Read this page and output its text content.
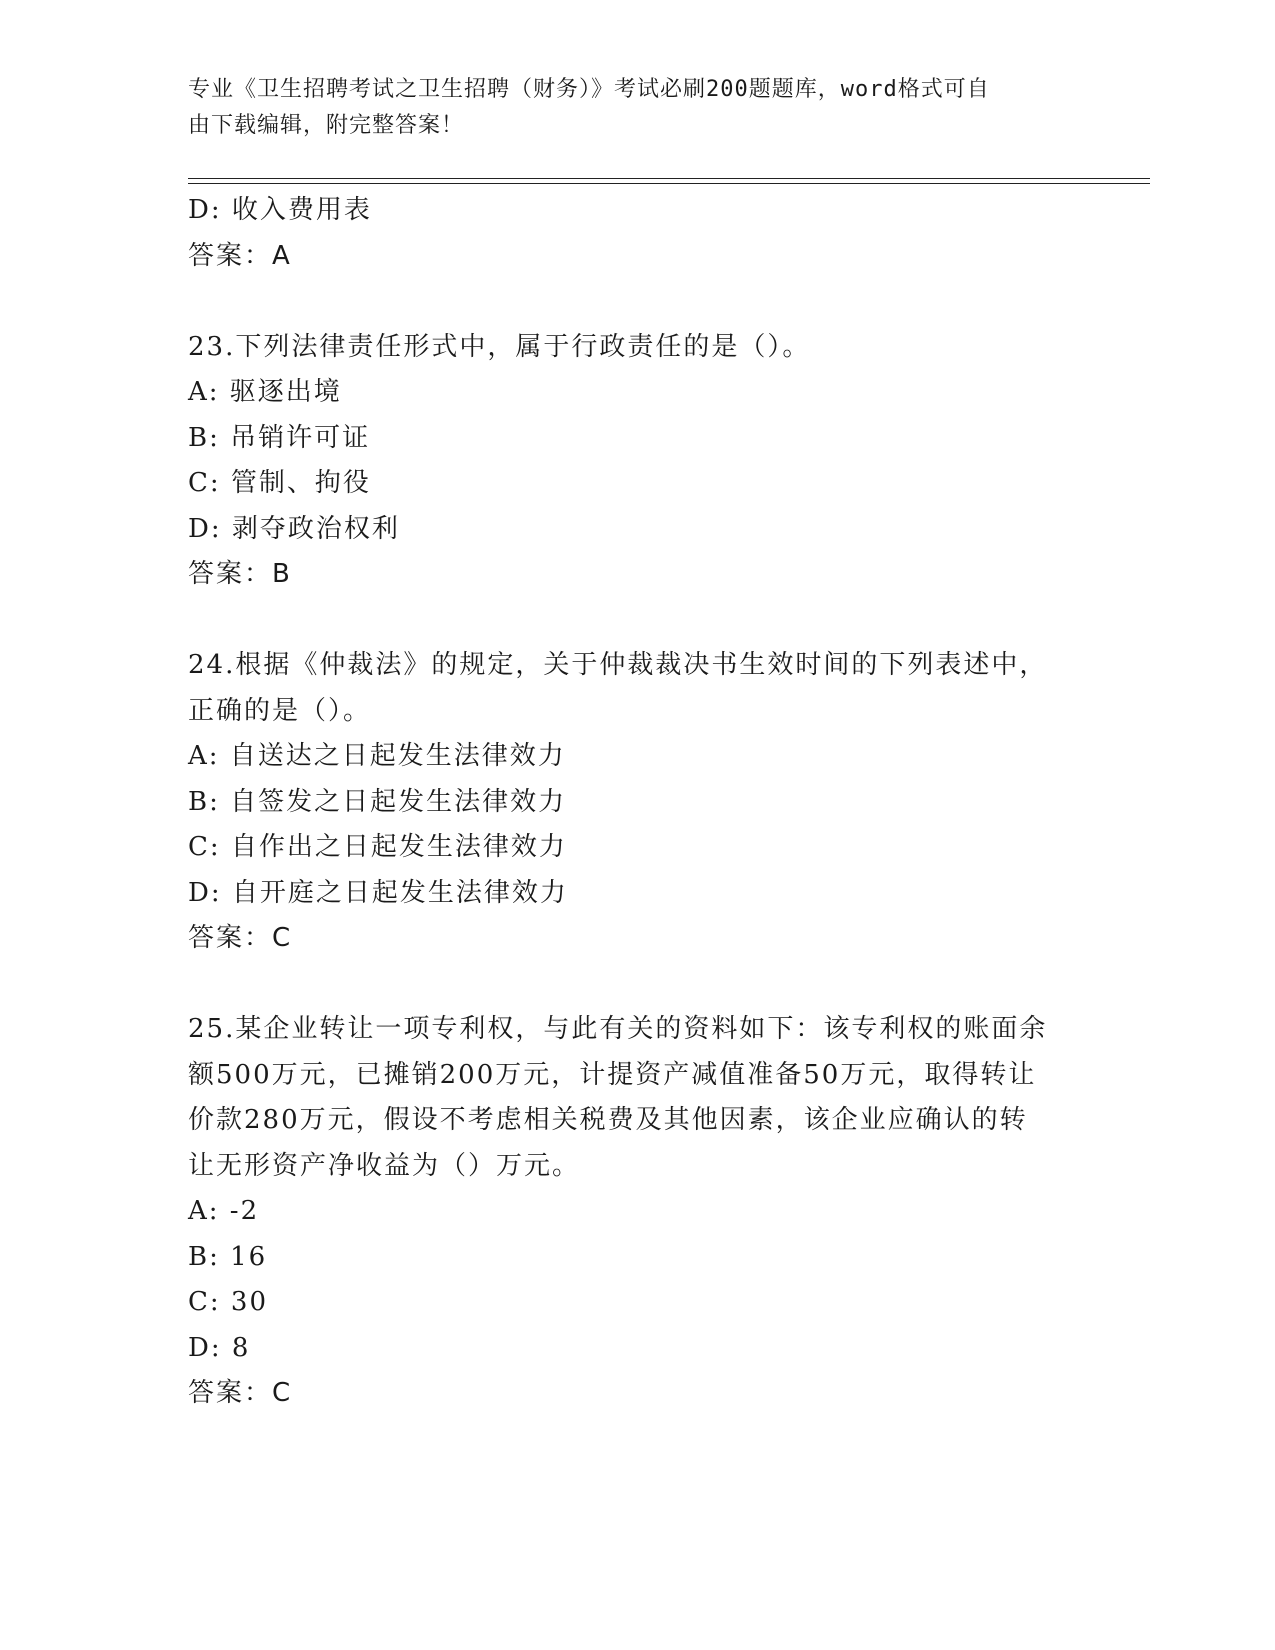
专业《卫生招聘考试之卫生招聘（财务）》考试必刷200题题库，word格式可自
由下载编辑，附完整答案！
D: 收入费用表
答案：A
23.下列法律责任形式中，属于行政责任的是（）。
A: 驱逐出境
B: 吊销许可证
C: 管制、拘役
D: 剥夺政治权利
答案：B
24.根据《仲裁法》的规定，关于仲裁裁决书生效时间的下列表述中，
正确的是（）。
A: 自送达之日起发生法律效力
B: 自签发之日起发生法律效力
C: 自作出之日起发生法律效力
D: 自开庭之日起发生法律效力
答案：C
25.某企业转让一项专利权，与此有关的资料如下：该专利权的账面余
额500万元，已摊销200万元，计提资产减值准备50万元，取得转让
价款280万元，假设不考虑相关税费及其他因素，该企业应确认的转
让无形资产净收益为（）万元。
A: -2
B: 16
C: 30
D: 8
答案：C
